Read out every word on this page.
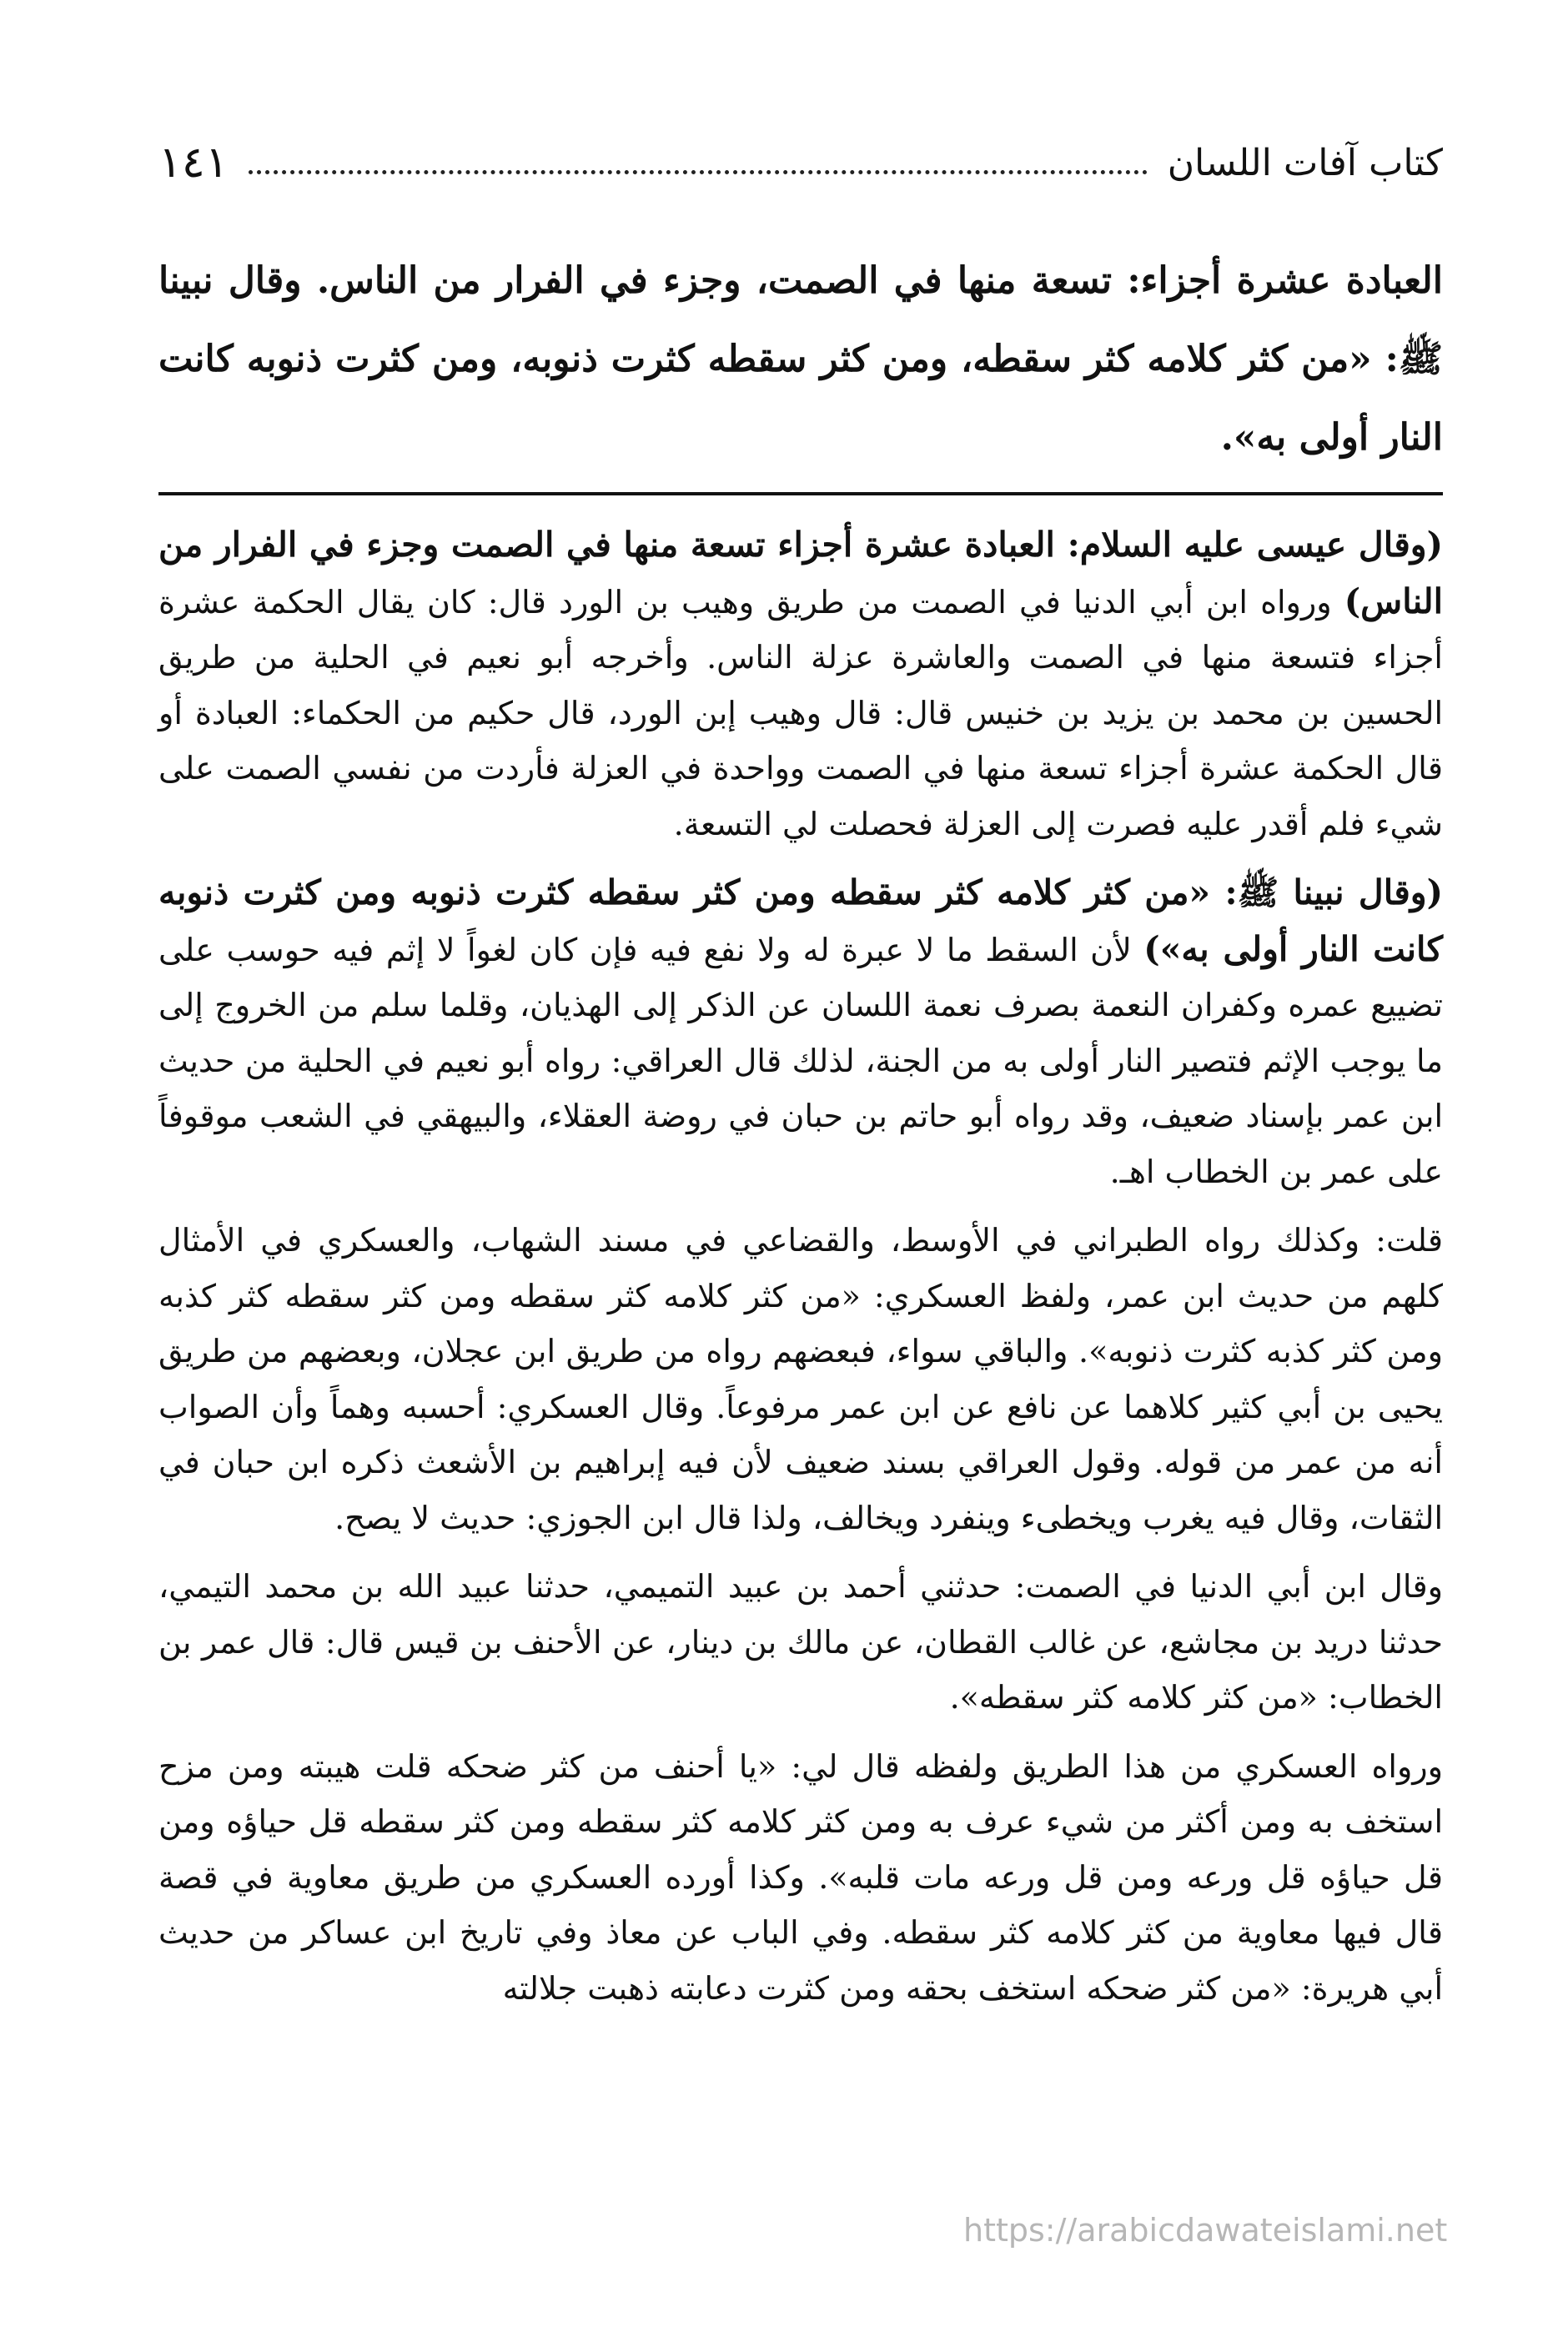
كتاب آفات اللسان
١٤١
العبادة عشرة أجزاء: تسعة منها في الصمت، وجزء في الفرار من الناس. وقال نبينا ﷺ: «من كثر كلامه كثر سقطه، ومن كثر سقطه كثرت ذنوبه، ومن كثرت ذنوبه كانت النار أولى به».

(وقال عيسى عليه السلام: العبادة عشرة أجزاء تسعة منها في الصمت وجزء في الفرار من الناس) ورواه ابن أبي الدنيا في الصمت من طريق وهيب بن الورد قال: كان يقال الحكمة عشرة أجزاء فتسعة منها في الصمت والعاشرة عزلة الناس. وأخرجه أبو نعيم في الحلية من طريق الحسين بن محمد بن يزيد بن خنيس قال: قال وهيب إبن الورد، قال حكيم من الحكماء: العبادة أو قال الحكمة عشرة أجزاء تسعة منها في الصمت وواحدة في العزلة فأردت من نفسي الصمت على شيء فلم أقدر عليه فصرت إلى العزلة فحصلت لي التسعة.

(وقال نبينا ﷺ: «من كثر كلامه كثر سقطه ومن كثر سقطه كثرت ذنوبه ومن كثرت ذنوبه كانت النار أولى به») لأن السقط ما لا عبرة له ولا نفع فيه فإن كان لغواً لا إثم فيه حوسب على تضييع عمره وكفران النعمة بصرف نعمة اللسان عن الذكر إلى الهذيان، وقلما سلم من الخروج إلى ما يوجب الإثم فتصير النار أولى به من الجنة، لذلك قال العراقي: رواه أبو نعيم في الحلية من حديث ابن عمر بإسناد ضعيف، وقد رواه أبو حاتم بن حبان في روضة العقلاء، والبيهقي في الشعب موقوفاً على عمر بن الخطاب اهـ.

قلت: وكذلك رواه الطبراني في الأوسط، والقضاعي في مسند الشهاب، والعسكري في الأمثال كلهم من حديث ابن عمر، ولفظ العسكري: «من كثر كلامه كثر سقطه ومن كثر سقطه كثر كذبه ومن كثر كذبه كثرت ذنوبه». والباقي سواء، فبعضهم رواه من طريق ابن عجلان، وبعضهم من طريق يحيى بن أبي كثير كلاهما عن نافع عن ابن عمر مرفوعاً. وقال العسكري: أحسبه وهماً وأن الصواب أنه من عمر من قوله. وقول العراقي بسند ضعيف لأن فيه إبراهيم بن الأشعث ذكره ابن حبان في الثقات، وقال فيه يغرب ويخطىء وينفرد ويخالف، ولذا قال ابن الجوزي: حديث لا يصح.

وقال ابن أبي الدنيا في الصمت: حدثني أحمد بن عبيد التميمي، حدثنا عبيد الله بن محمد التيمي، حدثنا دريد بن مجاشع، عن غالب القطان، عن مالك بن دينار، عن الأحنف بن قيس قال: قال عمر بن الخطاب: «من كثر كلامه كثر سقطه».

ورواه العسكري من هذا الطريق ولفظه قال لي: «يا أحنف من كثر ضحكه قلت هيبته ومن مزح استخف به ومن أكثر من شيء عرف به ومن كثر كلامه كثر سقطه ومن كثر سقطه قل حياؤه ومن قل حياؤه قل ورعه ومن قل ورعه مات قلبه». وكذا أورده العسكري من طريق معاوية في قصة قال فيها معاوية من كثر كلامه كثر سقطه. وفي الباب عن معاذ وفي تاريخ ابن عساكر من حديث أبي هريرة: «من كثر ضحكه استخف بحقه ومن كثرت دعابته ذهبت جلالته

https://arabicdawateislami.net
